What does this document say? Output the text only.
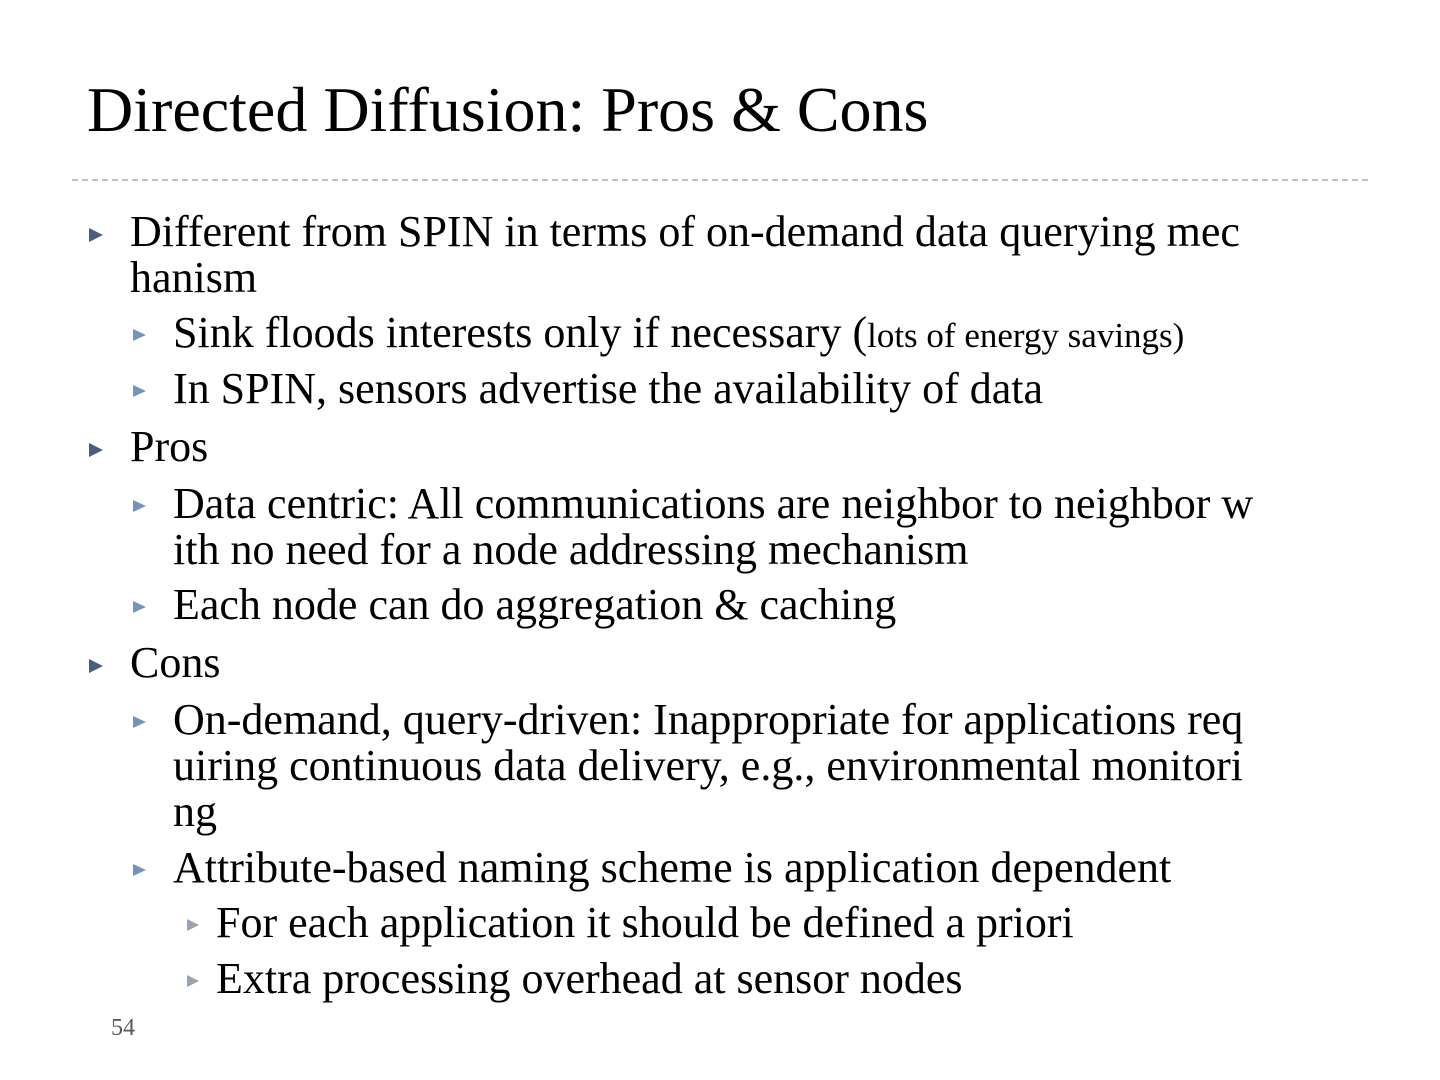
Directed Diffusion: Pros & Cons
Different from SPIN in terms of on-demand data querying mec
hanism
Sink floods interests only if necessary (lots of energy savings)
In SPIN, sensors advertise the availability of data
Pros
Data centric: All communications are neighbor to neighbor w
ith no need for a node addressing mechanism
Each node can do aggregation & caching
Cons
On-demand, query-driven: Inappropriate for applications req
uiring continuous data delivery, e.g., environmental monitori
ng
Attribute-based naming scheme is application dependent
For each application it should be defined a priori
Extra processing overhead at sensor nodes
54
